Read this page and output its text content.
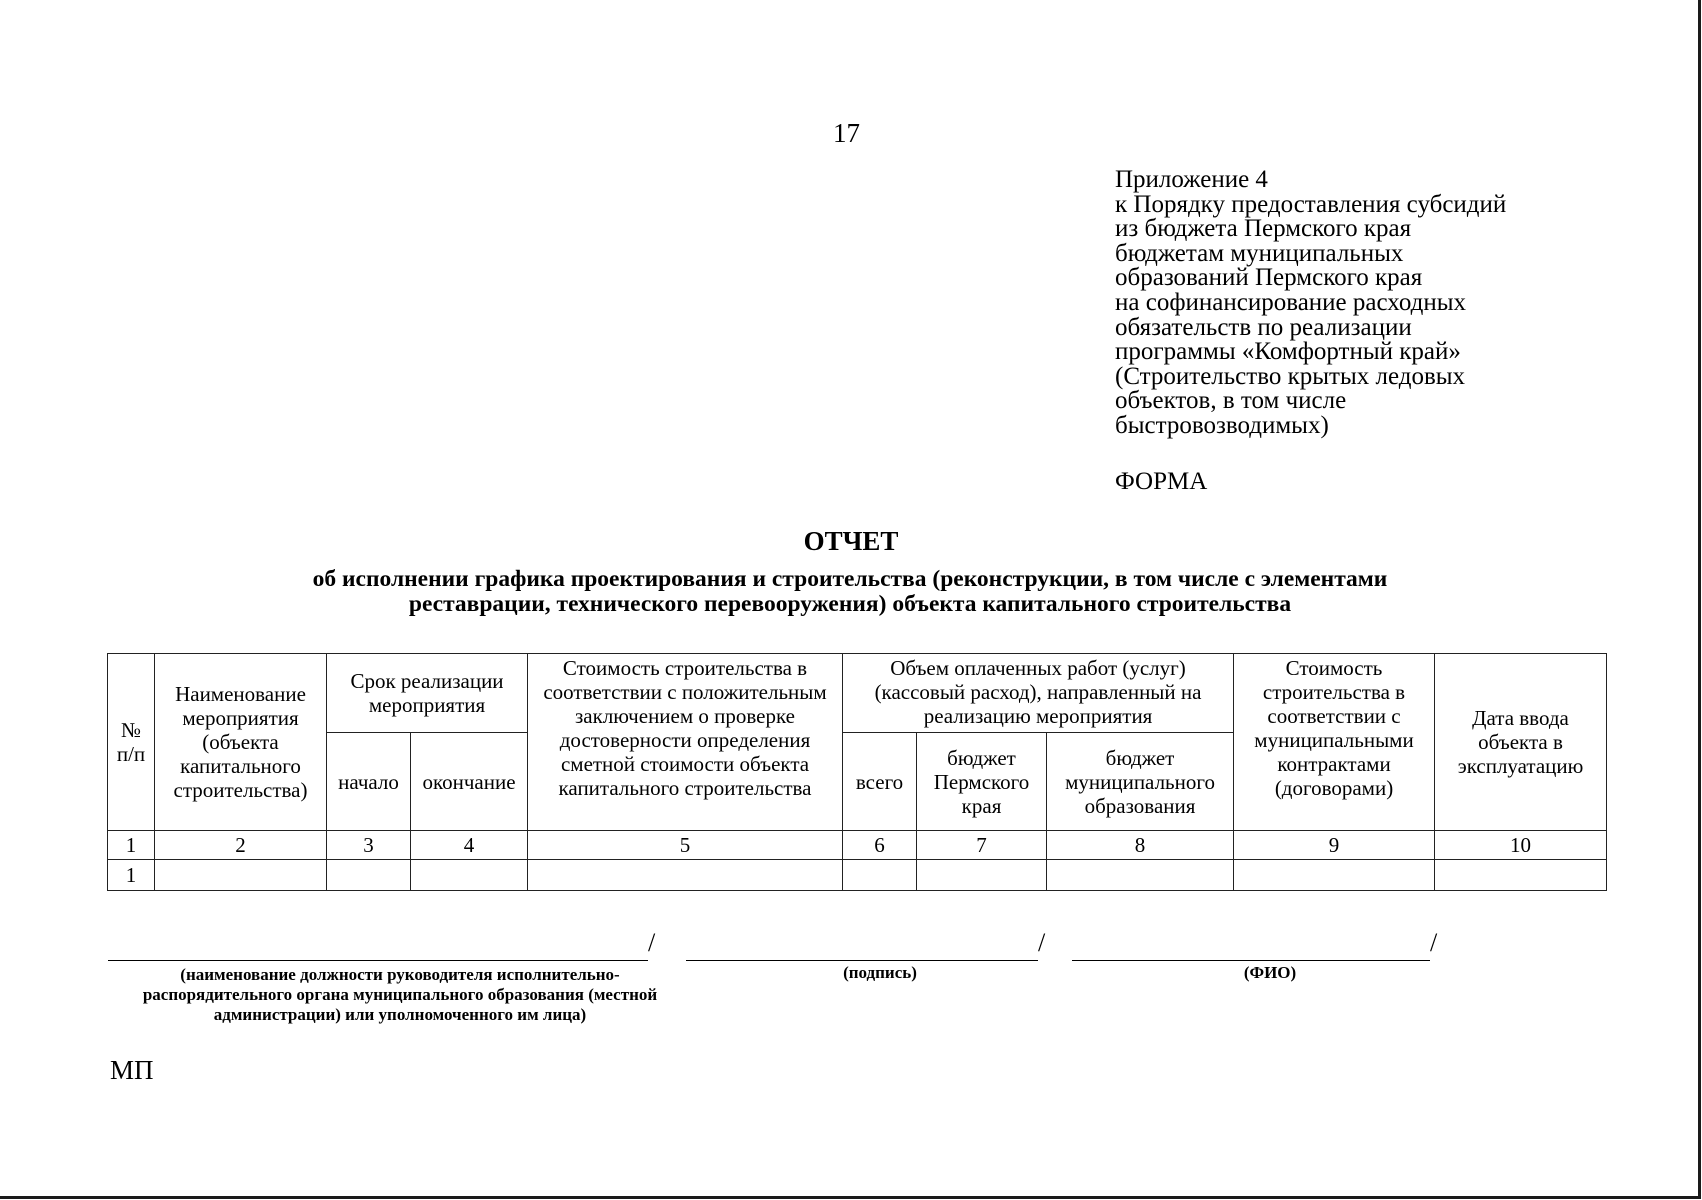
17
Приложение 4
к Порядку предоставления субсидий
из бюджета Пермского края
бюджетам муниципальных
образований Пермского края
на софинансирование расходных
обязательств по реализации
программы «Комфортный край»
(Строительство крытых ледовых
объектов, в том числе
быстровозводимых)
ФОРМА
ОТЧЕТ
об исполнении графика проектирования и строительства (реконструкции, в том числе с элементами
реставрации, технического перевооружения) объекта капитального строительства
№ п/п	Наименование мероприятия (объекта капитального строительства)	Срок реализации мероприятия		Стоимость строительства в соответствии с положительным заключением о проверке достоверности определения сметной стоимости объекта капитального строительства	Объем оплаченных работ (услуг) (кассовый расход), направленный на реализацию мероприятия			Стоимость строительства в соответствии с муниципальными контрактами (договорами)	Дата ввода объекта в эксплуатацию
		начало	окончание		всего	бюджет Пермского края	бюджет муниципального образования		
1	2	3	4	5	6	7	8	9	10
1									
/	/	/
(наименование должности руководителя исполнительно-распорядительного органа муниципального образования (местной администрации) или уполномоченного им лица)
(подпись)	(ФИО)
МП
